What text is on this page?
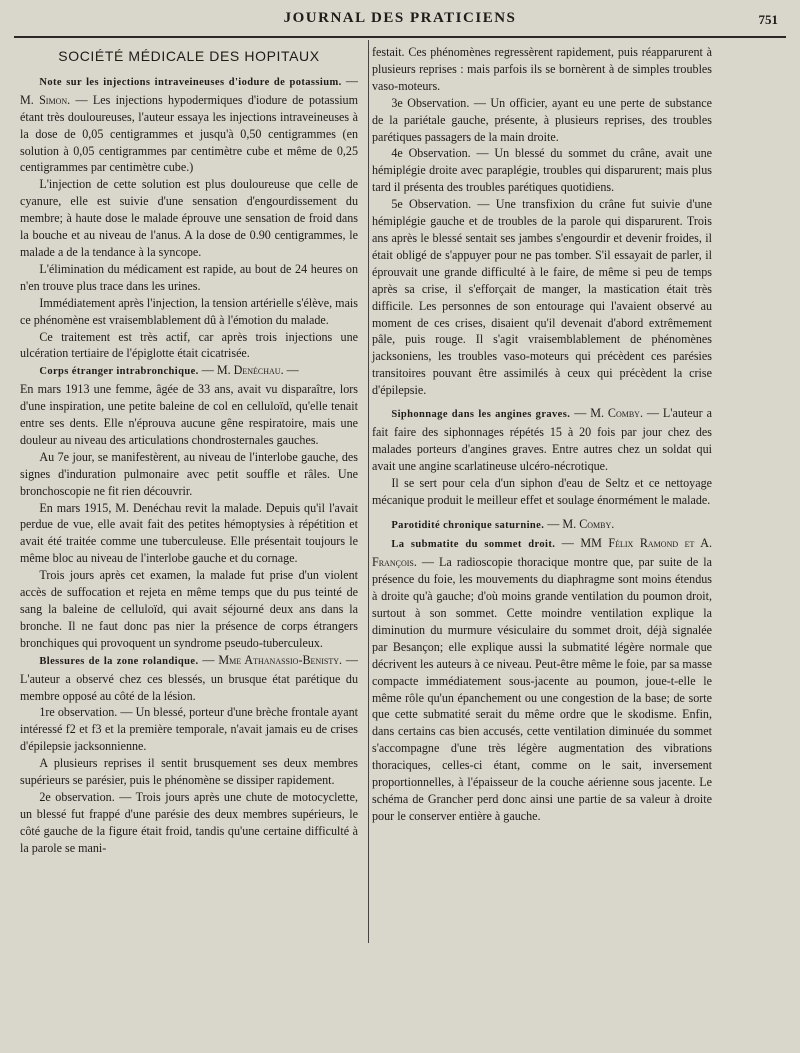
JOURNAL DES PRATICIENS	751
SOCIÉTÉ MÉDICALE DES HOPITAUX

Note sur les injections intraveineuses d'iodure de potassium. — M. Simon. — Les injections hypodermiques d'iodure de potassium étant très douloureuses, l'auteur essaya les injections intraveineuses à la dose de 0,05 centigrammes et jusqu'à 0,50 centigrammes (en solution à 0,05 centigrammes par centimètre cube et même de 0,25 centigrammes par centimètre cube.)

L'injection de cette solution est plus douloureuse que celle de cyanure, elle est suivie d'une sensation d'engourdissement du membre; à haute dose le malade éprouve une sensation de froid dans la bouche et au niveau de l'anus. A la dose de 0.90 centigrammes, le malade a de la tendance à la syncope.

L'élimination du médicament est rapide, au bout de 24 heures on n'en trouve plus trace dans les urines.

Immédiatement après l'injection, la tension artérielle s'élève, mais ce phénomène est vraisemblablement dû à l'émotion du malade.

Ce traitement est très actif, car après trois injections une ulcération tertiaire de l'épiglotte était cicatrisée.

Corps étranger intrabronchique. — M. Denéchau. —

En mars 1913 une femme, âgée de 33 ans, avait vu disparaître, lors d'une inspiration, une petite baleine de col en celluloïd, qu'elle tenait entre ses dents. Elle n'éprouva aucune gêne respiratoire, mais une douleur au niveau des articulations chondrosternales gauches.

Au 7e jour, se manifestèrent, au niveau de l'interlobe gauche, des signes d'induration pulmonaire avec petit souffle et râles. Une bronchoscopie ne fit rien découvrir.

En mars 1915, M. Denéchau revit la malade. Depuis qu'il l'avait perdue de vue, elle avait fait des petites hémoptysies à répétition et avait été traitée comme une tuberculeuse. Elle présentait toujours le même bloc au niveau de l'interlobe gauche et du cornage.

Trois jours après cet examen, la malade fut prise d'un violent accès de suffocation et rejeta en même temps que du pus teinté de sang la baleine de celluloïd, qui avait séjourné deux ans dans la bronche. Il ne faut donc pas nier la présence de corps étrangers bronchiques qui provoquent un syndrome pseudo-tuberculeux.

Blessures de la zone rolandique. — Mme Athanassio-Benisty. — L'auteur a observé chez ces blessés, un brusque état parétique du membre opposé au côté de la lésion.

1re observation. — Un blessé, porteur d'une brèche frontale ayant intéressé f2 et f3 et la première temporale, n'avait jamais eu de crises d'épilepsie jacksonnienne.

A plusieurs reprises il sentit brusquement ses deux membres supérieurs se parésier, puis le phénomène se dissiper rapidement.

2e observation. — Trois jours après une chute de motocyclette, un blessé fut frappé d'une parésie des deux membres supérieurs, le côté gauche de la figure était froid, tandis qu'une certaine difficulté à la parole se mani-

festait. Ces phénomènes regressèrent rapidement, puis réapparurent à plusieurs reprises : mais parfois ils se bornèrent à de simples troubles vaso-moteurs.

3e Observation. — Un officier, ayant eu une perte de substance de la pariétale gauche, présente, à plusieurs reprises, des troubles parétiques passagers de la main droite.

4e Observation. — Un blessé du sommet du crâne, avait une hémiplégie droite avec paraplégie, troubles qui disparurent; mais plus tard il présenta des troubles parétiques quotidiens.

5e Observation. — Une transfixion du crâne fut suivie d'une hémiplégie gauche et de troubles de la parole qui disparurent. Trois ans après le blessé sentait ses jambes s'engourdir et devenir froides, il était obligé de s'appuyer pour ne pas tomber. S'il essayait de parler, il éprouvait une grande difficulté à le faire, de même si peu de temps après sa crise, il s'efforçait de manger, la mastication était très difficile. Les personnes de son entourage qui l'avaient observé au moment de ces crises, disaient qu'il devenait d'abord extrêmement pâle, puis rouge. Il s'agit vraisemblablement de phénomènes jacksoniens, les troubles vaso-moteurs qui précèdent ces parésies transitoires pouvant être assimilés à ceux qui précèdent la crise d'épilepsie.

Siphonnage dans les angines graves. — M. Comby. — L'auteur a fait faire des siphonnages répétés 15 à 20 fois par jour chez des malades porteurs d'angines graves. Entre autres chez un soldat qui avait une angine scarlatineuse ulcéro-nécrotique.

Il se sert pour cela d'un siphon d'eau de Seltz et ce nettoyage mécanique produit le meilleur effet et soulage énormément le malade.

Parotidité chronique saturnine. — M. Comby.

La submatite du sommet droit. — MM Félix Ramond et A. François. — La radioscopie thoracique montre que, par suite de la présence du foie, les mouvements du diaphragme sont moins étendus à droite qu'à gauche; d'où moins grande ventilation du poumon droit, surtout à son sommet. Cette moindre ventilation explique la diminution du murmure vésiculaire du sommet droit, déjà signalée par Besançon; elle explique aussi la submatité légère normale que décrivent les auteurs à ce niveau. Peut-être même le foie, par sa masse compacte immédiatement sous-jacente au poumon, joue-t-elle le même rôle qu'un épanchement ou une congestion de la base; de sorte que cette submatité serait du même ordre que le skodisme. Enfin, dans certains cas bien accusés, cette ventilation diminuée du sommet s'accompagne d'une très légère augmentation des vibrations thoraciques, celles-ci étant, comme on le sait, inversement proportionnelles, à l'épaisseur de la couche aérienne sous jacente. Le schéma de Grancher perd donc ainsi une partie de sa valeur à droite pour le conserver entière à gauche.
